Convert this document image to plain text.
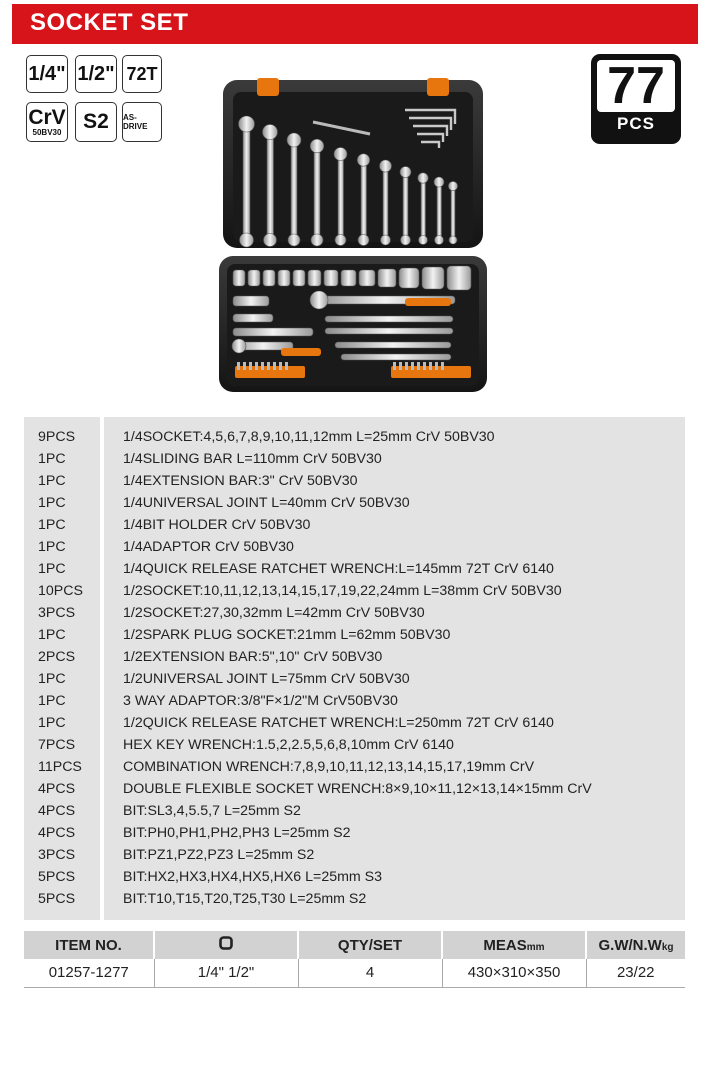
SOCKET SET
1/4" 1/2" 72T
CrV
50BV30	S2	AS-DRIVE
77
PCS
9PCS	1/4SOCKET:4,5,6,7,8,9,10,11,12mm L=25mm CrV 50BV30
1PC	1/4SLIDING BAR L=110mm CrV 50BV30
1PC	1/4EXTENSION BAR:3" CrV 50BV30
1PC	1/4UNIVERSAL JOINT L=40mm CrV 50BV30
1PC	1/4BIT HOLDER CrV 50BV30
1PC	1/4ADAPTOR CrV 50BV30
1PC	1/4QUICK RELEASE RATCHET WRENCH:L=145mm 72T CrV 6140
10PCS	1/2SOCKET:10,11,12,13,14,15,17,19,22,24mm L=38mm CrV 50BV30
3PCS	1/2SOCKET:27,30,32mm L=42mm CrV 50BV30
1PC	1/2SPARK PLUG SOCKET:21mm L=62mm 50BV30
2PCS	1/2EXTENSION BAR:5",10" CrV 50BV30
1PC	1/2UNIVERSAL JOINT L=75mm CrV 50BV30
1PC	3 WAY ADAPTOR:3/8"F×1/2"M CrV50BV30
1PC	1/2QUICK RELEASE RATCHET WRENCH:L=250mm 72T CrV 6140
7PCS	HEX KEY WRENCH:1.5,2,2.5,5,6,8,10mm CrV 6140
11PCS	COMBINATION WRENCH:7,8,9,10,11,12,13,14,15,17,19mm CrV
4PCS	DOUBLE FLEXIBLE SOCKET WRENCH:8×9,10×11,12×13,14×15mm CrV
4PCS	BIT:SL3,4,5.5,7 L=25mm S2
4PCS	BIT:PH0,PH1,PH2,PH3 L=25mm S2
3PCS	BIT:PZ1,PZ2,PZ3 L=25mm S2
5PCS	BIT:HX2,HX3,HX4,HX5,HX6 L=25mm S3
5PCS	BIT:T10,T15,T20,T25,T30 L=25mm S2
ITEM NO.		QTY/SET	MEASmm	G.W/N.Wkg
01257-1277	1/4" 1/2"	4	430×310×350	23/22
